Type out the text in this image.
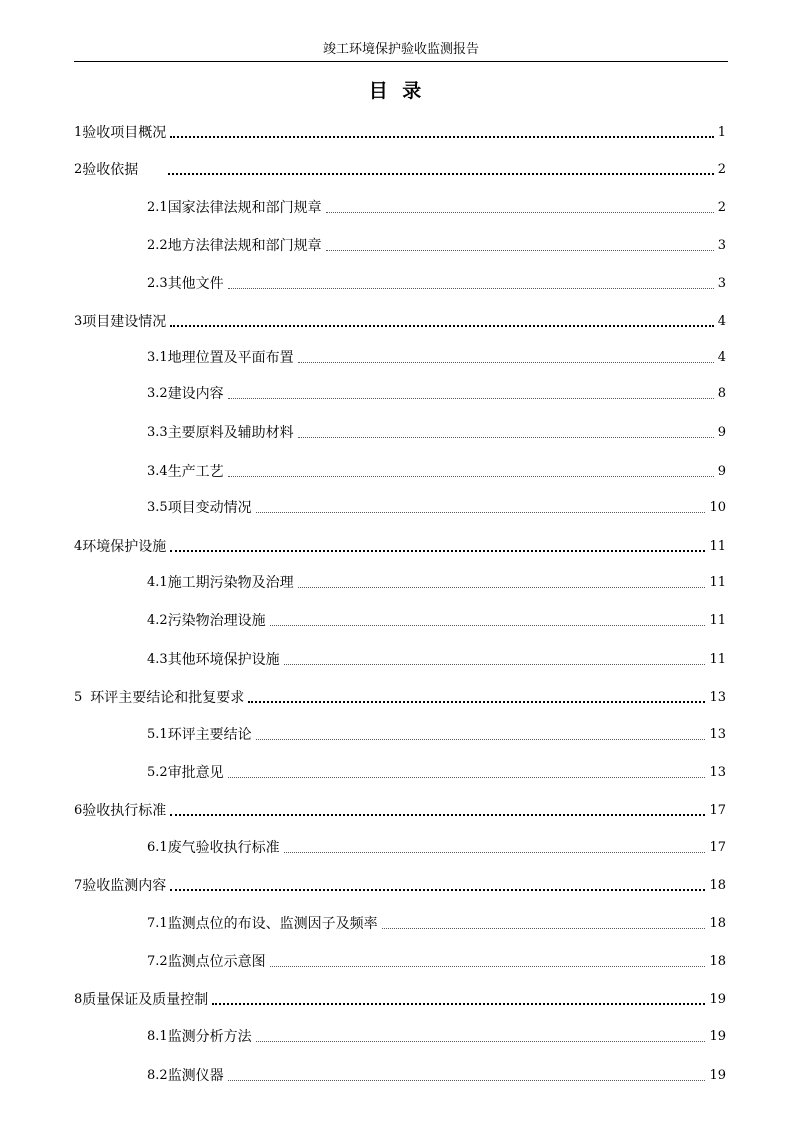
竣工环境保护验收监测报告
目 录
1 验收项目概况	1
2 验收依据	2
2.1 国家法律法规和部门规章	2
2.2 地方法律法规和部门规章	3
2.3 其他文件	3
3 项目建设情况	4
3.1 地理位置及平面布置	4
3.2 建设内容	8
3.3 主要原料及辅助材料	9
3.4 生产工艺	9
3.5 项目变动情况	10
4 环境保护设施	11
4.1 施工期污染物及治理	11
4.2 污染物治理设施	11
4.3 其他环境保护设施	11
5 环评主要结论和批复要求	13
5.1 环评主要结论	13
5.2 审批意见	13
6 验收执行标准	17
6.1 废气验收执行标准	17
7 验收监测内容	18
7.1 监测点位的布设、监测因子及频率	18
7.2 监测点位示意图	18
8 质量保证及质量控制	19
8.1 监测分析方法	19
8.2 监测仪器	19
